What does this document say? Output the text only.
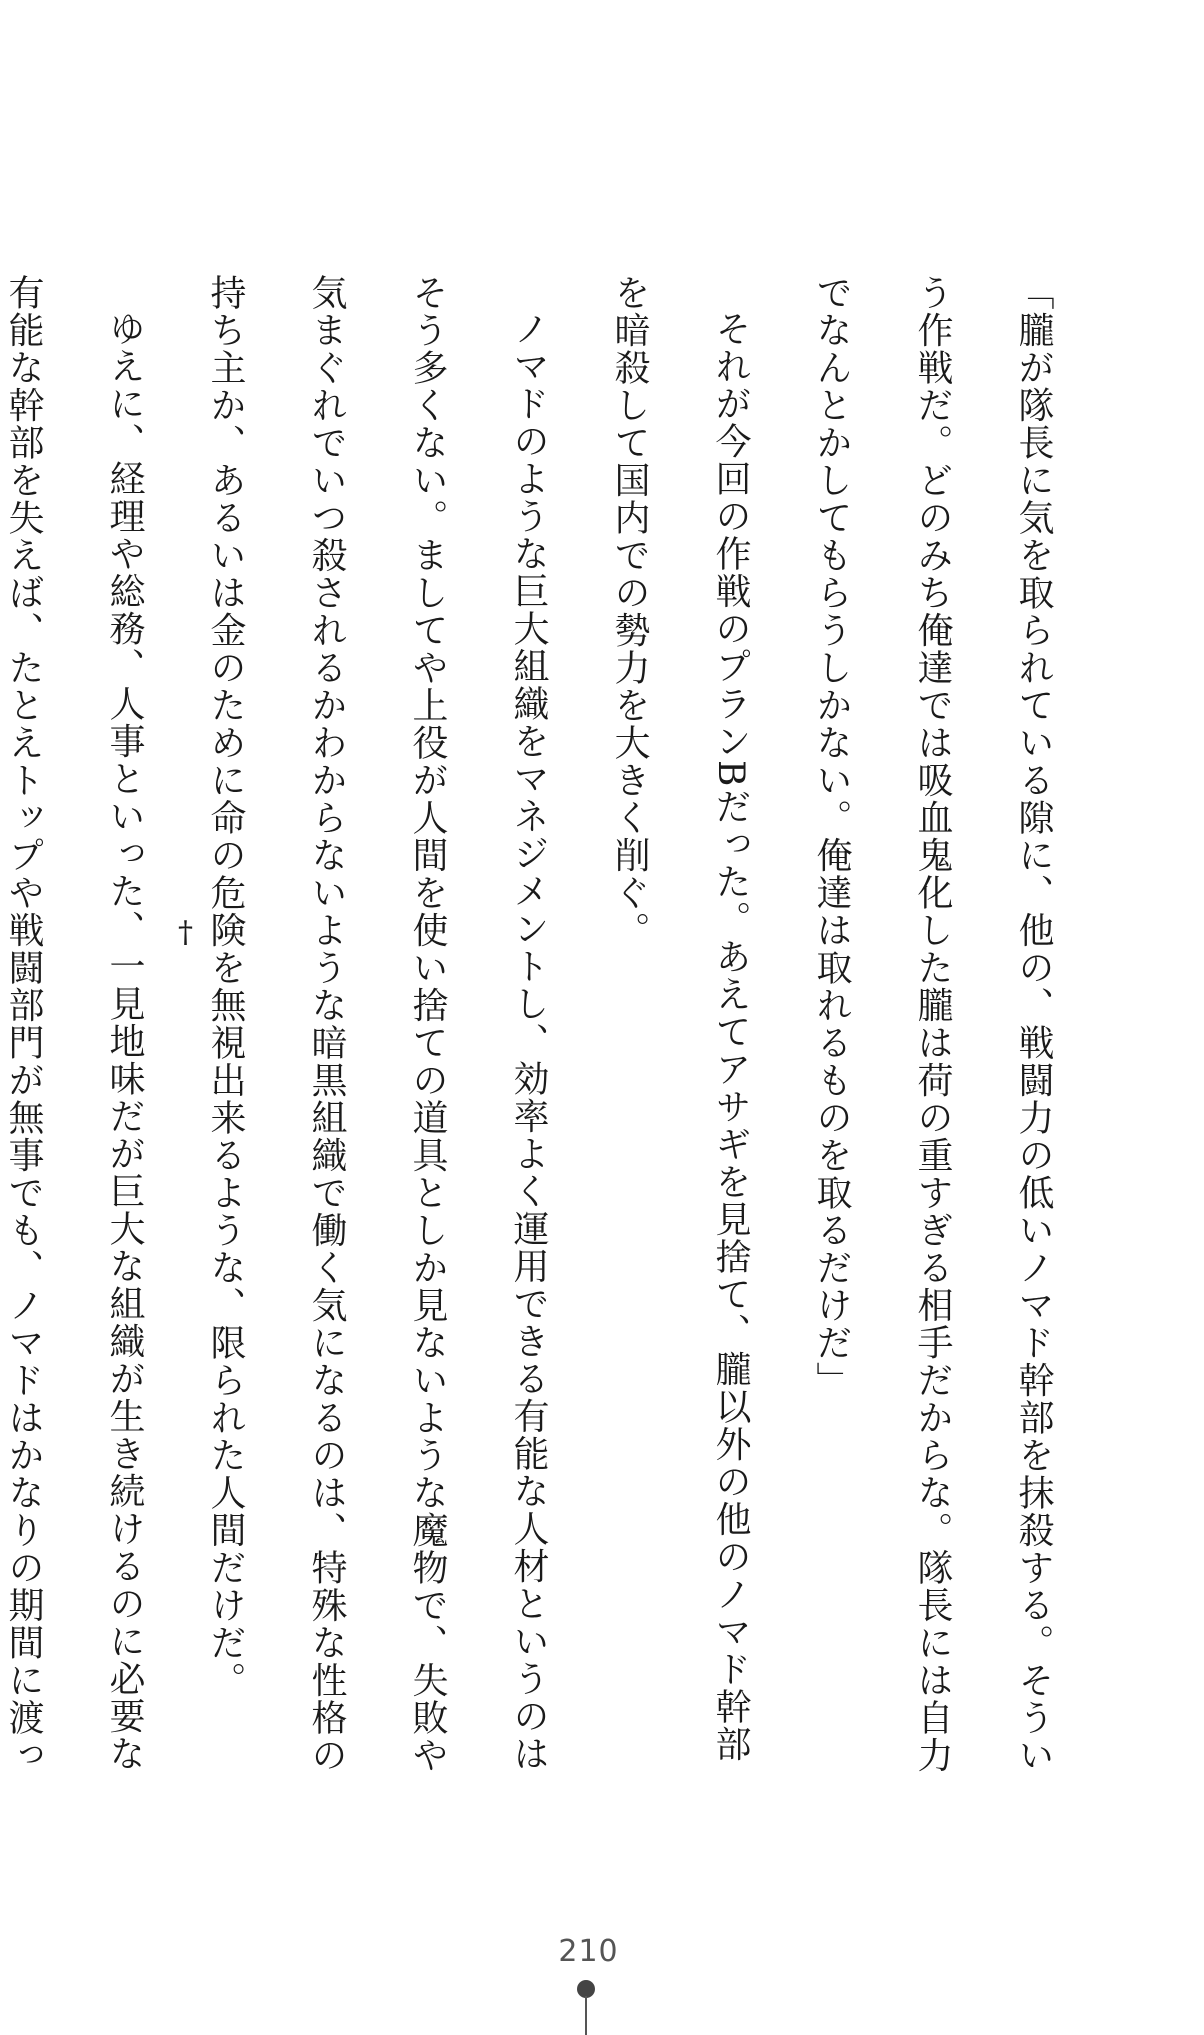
「朧が隊長に気を取られている隙に、他の、戦闘力の低いノマド幹部を抹殺する。そうい
う作戦だ。どのみち俺達では吸血鬼化した朧は荷の重すぎる相手だからな。隊長には自力
でなんとかしてもらうしかない。俺達は取れるものを取るだけだ」
それが今回の作戦のプランBだった。あえてアサギを見捨て、朧以外の他のノマド幹部
を暗殺して国内での勢力を大きく削ぐ。
ノマドのような巨大組織をマネジメントし、効率よく運用できる有能な人材というのは
そう多くない。ましてや上役が人間を使い捨ての道具としか見ないような魔物で、失敗や
気まぐれでいつ殺されるかわからないような暗黒組織で働く気になるのは、特殊な性格の
持ち主か、あるいは金のために命の危険を無視出来るような、限られた人間だけだ。
ゆえに、経理や総務、人事といった、一見地味だが巨大な組織が生き続けるのに必要な
有能な幹部を失えば、たとえトップや戦闘部門が無事でも、ノマドはかなりの期間に渡っ

	†
210
